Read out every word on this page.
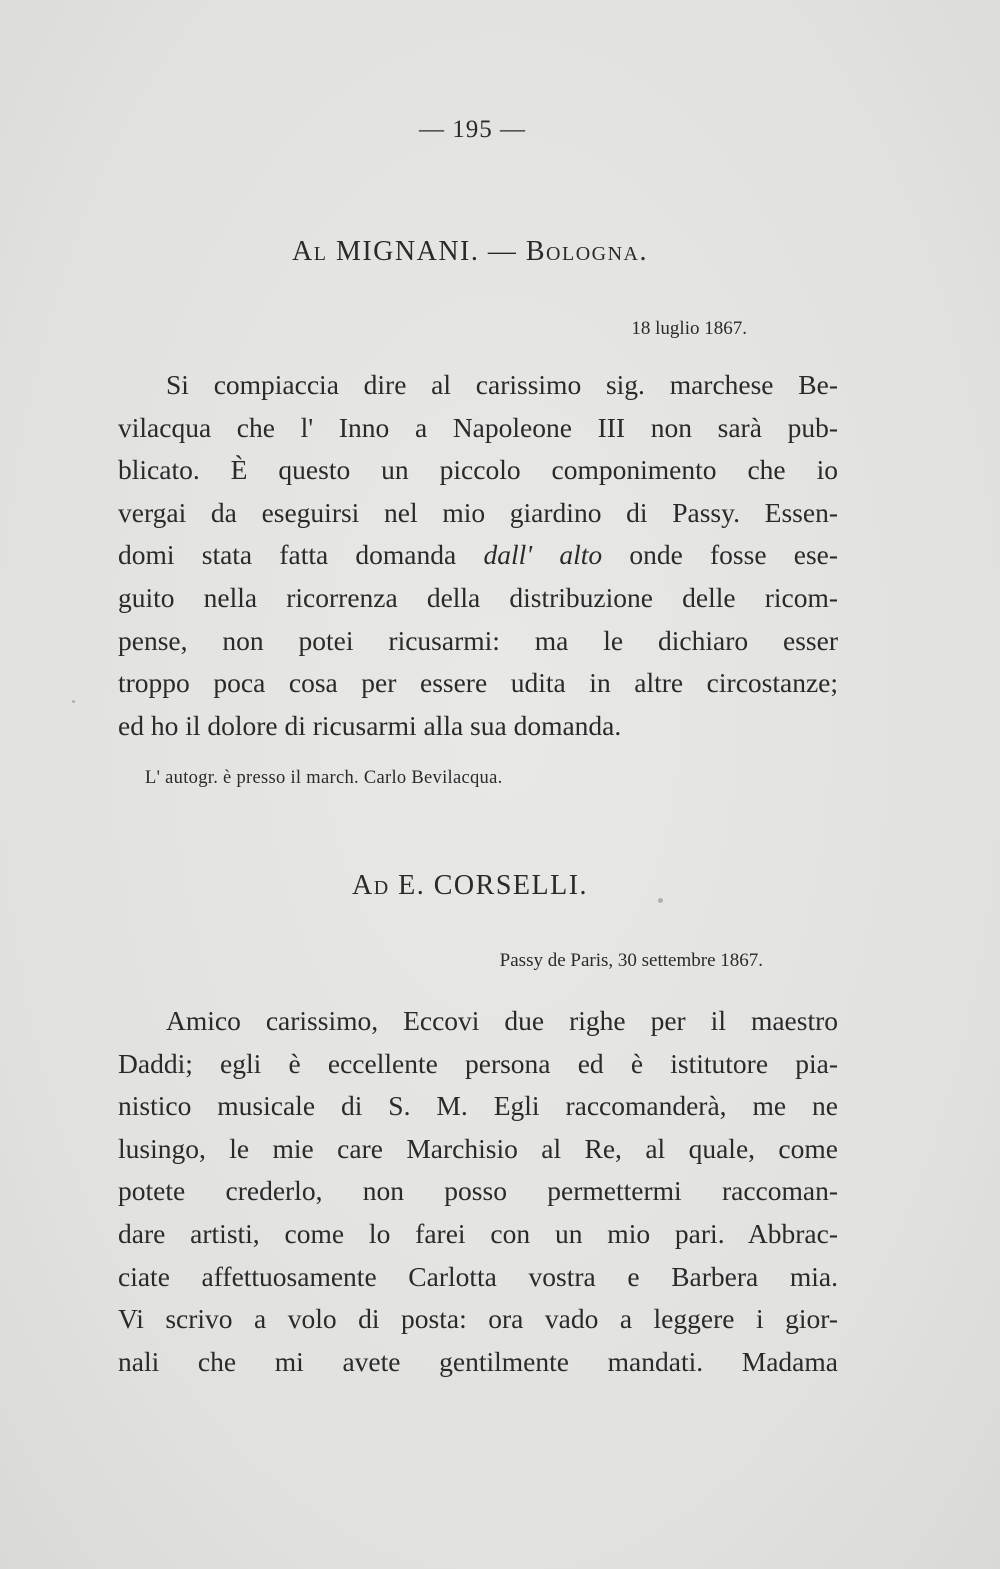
— 195 —
Al MIGNANI. — Bologna.
18 luglio 1867.
Si compiaccia dire al carissimo sig. marchese Be-
vilacqua che l' Inno a Napoleone III non sarà pub-
blicato. È questo un piccolo componimento che io
vergai da eseguirsi nel mio giardino di Passy. Essen-
domi stata fatta domanda dall' alto onde fosse ese-
guito nella ricorrenza della distribuzione delle ricom-
pense, non potei ricusarmi: ma le dichiaro esser
troppo poca cosa per essere udita in altre circostanze;
ed ho il dolore di ricusarmi alla sua domanda.
L' autogr. è presso il march. Carlo Bevilacqua.
Ad E. CORSELLI.
Passy de Paris, 30 settembre 1867.
Amico carissimo, Eccovi due righe per il maestro
Daddi; egli è eccellente persona ed è istitutore pia-
nistico musicale di S. M. Egli raccomanderà, me ne
lusingo, le mie care Marchisio al Re, al quale, come
potete crederlo, non posso permettermi raccoman-
dare artisti, come lo farei con un mio pari. Abbrac-
ciate affettuosamente Carlotta vostra e Barbera mia.
Vi scrivo a volo di posta: ora vado a leggere i gior-
nali che mi avete gentilmente mandati. Madama
